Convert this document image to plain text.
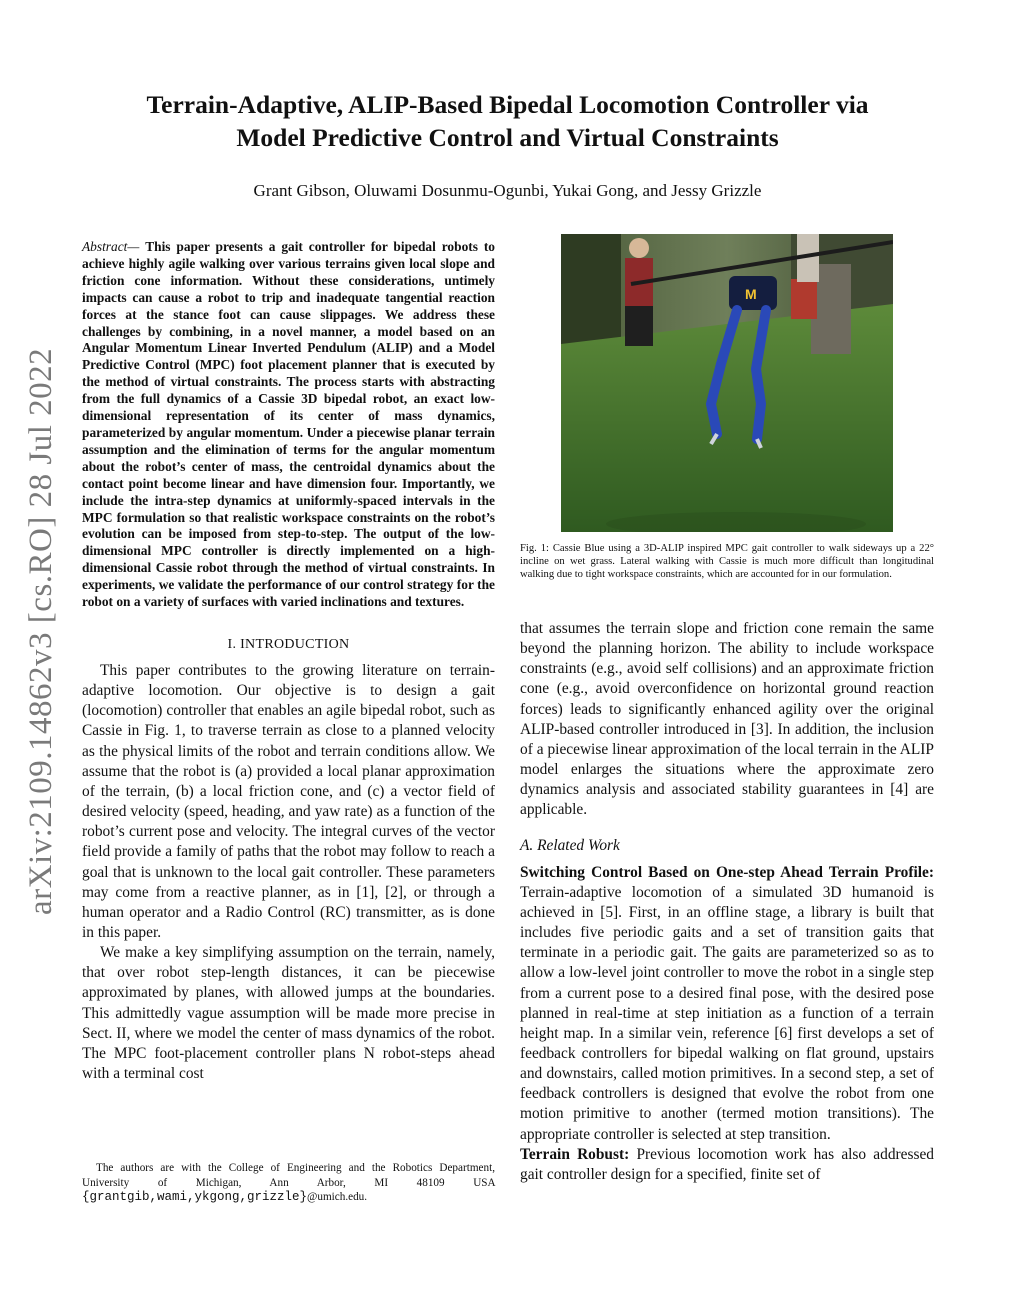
Terrain-Adaptive, ALIP-Based Bipedal Locomotion Controller via
Model Predictive Control and Virtual Constraints

Grant Gibson, Oluwami Dosunmu-Ogunbi, Yukai Gong, and Jessy Grizzle

arXiv:2109.14862v3 [cs.RO] 28 Jul 2022

Abstract— This paper presents a gait controller for bipedal robots to achieve highly agile walking over various terrains given local slope and friction cone information. Without these considerations, untimely impacts can cause a robot to trip and inadequate tangential reaction forces at the stance foot can cause slippages. We address these challenges by combining, in a novel manner, a model based on an Angular Momentum Linear Inverted Pendulum (ALIP) and a Model Predictive Control (MPC) foot placement planner that is executed by the method of virtual constraints. The process starts with abstracting from the full dynamics of a Cassie 3D bipedal robot, an exact low-dimensional representation of its center of mass dynamics, parameterized by angular momentum. Under a piecewise planar terrain assumption and the elimination of terms for the angular momentum about the robot’s center of mass, the centroidal dynamics about the contact point become linear and have dimension four. Importantly, we include the intra-step dynamics at uniformly-spaced intervals in the MPC formulation so that realistic workspace constraints on the robot’s evolution can be imposed from step-to-step. The output of the low-dimensional MPC controller is directly implemented on a high-dimensional Cassie robot through the method of virtual constraints. In experiments, we validate the performance of our control strategy for the robot on a variety of surfaces with varied inclinations and textures.

I. INTRODUCTION

This paper contributes to the growing literature on terrain-adaptive locomotion. Our objective is to design a gait (locomotion) controller that enables an agile bipedal robot, such as Cassie in Fig. 1, to traverse terrain as close to a planned velocity as the physical limits of the robot and terrain conditions allow. We assume that the robot is (a) provided a local planar approximation of the terrain, (b) a local friction cone, and (c) a vector field of desired velocity (speed, heading, and yaw rate) as a function of the robot’s current pose and velocity. The integral curves of the vector field provide a family of paths that the robot may follow to reach a goal that is unknown to the local gait controller. These parameters may come from a reactive planner, as in [1], [2], or through a human operator and a Radio Control (RC) transmitter, as is done in this paper.

We make a key simplifying assumption on the terrain, namely, that over robot step-length distances, it can be piecewise approximated by planes, with allowed jumps at the boundaries. This admittedly vague assumption will be made more precise in Sect. II, where we model the center of mass dynamics of the robot. The MPC foot-placement controller plans N robot-steps ahead with a terminal cost

The authors are with the College of Engineering and the Robotics Department, University of Michigan, Ann Arbor, MI 48109 USA {grantgib,wami,ykgong,grizzle}@umich.edu.

M

Fig. 1: Cassie Blue using a 3D-ALIP inspired MPC gait controller to walk sideways up a 22° incline on wet grass. Lateral walking with Cassie is much more difficult than longitudinal walking due to tight workspace constraints, which are accounted for in our formulation.

that assumes the terrain slope and friction cone remain the same beyond the planning horizon. The ability to include workspace constraints (e.g., avoid self collisions) and an approximate friction cone (e.g., avoid overconfidence on horizontal ground reaction forces) leads to significantly enhanced agility over the original ALIP-based controller introduced in [3]. In addition, the inclusion of a piecewise linear approximation of the local terrain in the ALIP model enlarges the situations where the approximate zero dynamics analysis and associated stability guarantees in [4] are applicable.

A. Related Work

Switching Control Based on One-step Ahead Terrain Profile: Terrain-adaptive locomotion of a simulated 3D humanoid is achieved in [5]. First, in an offline stage, a library is built that includes five periodic gaits and a set of transition gaits that terminate in a periodic gait. The gaits are parameterized so as to allow a low-level joint controller to move the robot in a single step from a current pose to a desired final pose, with the desired pose planned in real-time at step initiation as a function of a terrain height map. In a similar vein, reference [6] first develops a set of feedback controllers for bipedal walking on flat ground, upstairs and downstairs, called motion primitives. In a second step, a set of feedback controllers is designed that evolve the robot from one motion primitive to another (termed motion transitions). The appropriate controller is selected at step transition.

Terrain Robust: Previous locomotion work has also addressed gait controller design for a specified, finite set of
